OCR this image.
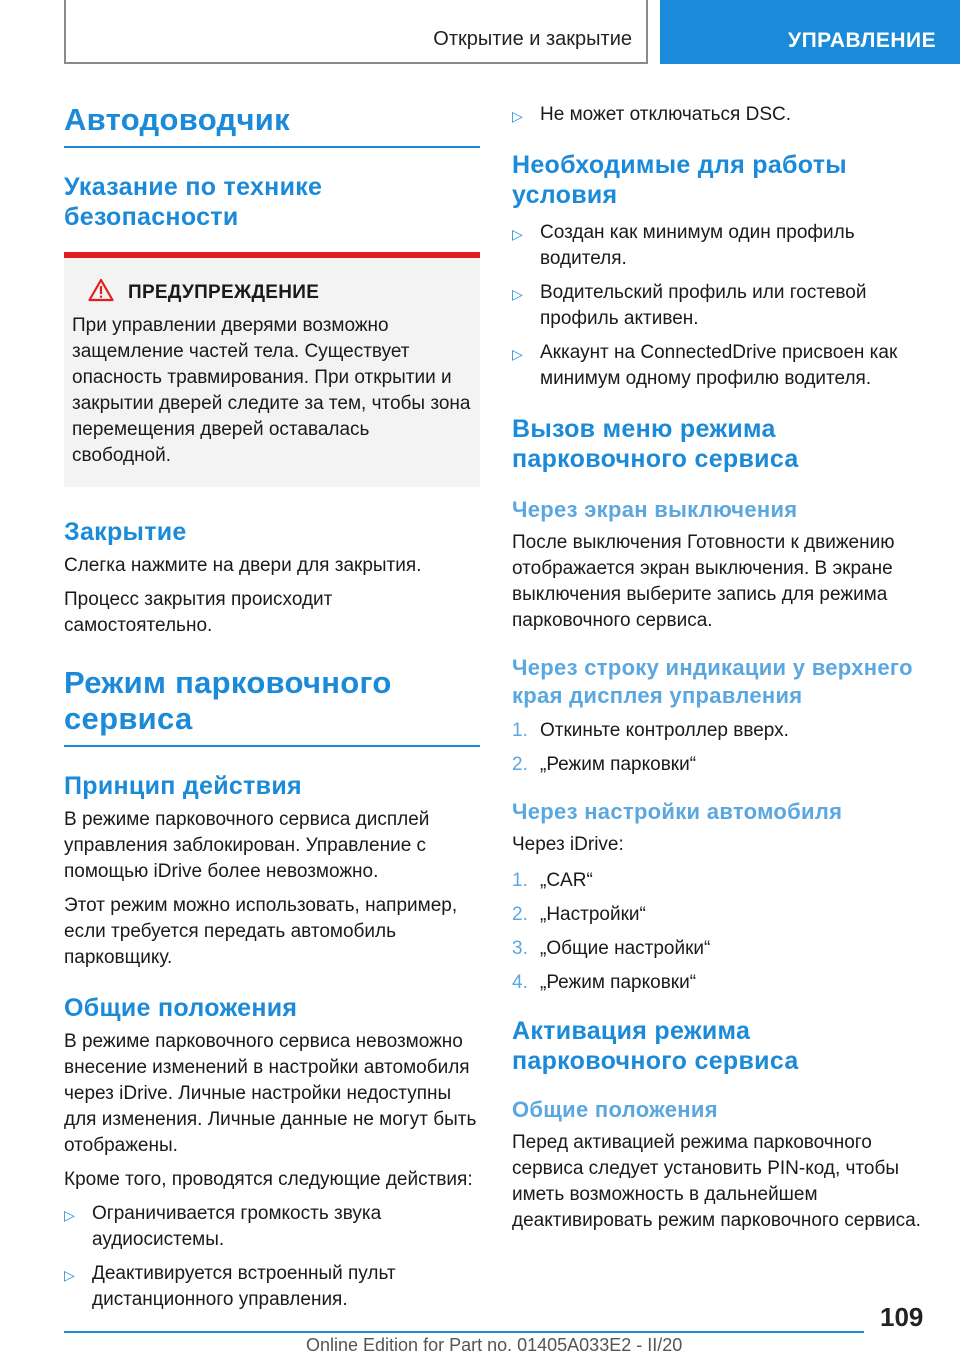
Открытие и закрытие	УПРАВЛЕНИЕ
Автодоводчик
Указание по технике безопасности
ПРЕДУПРЕЖДЕНИЕ

При управлении дверями возможно защемление частей тела. Существует опасность травмирования. При открытии и закрытии дверей следите за тем, чтобы зона перемещения дверей оставалась свободной.

Закрытие

Слегка нажмите на двери для закрытия.

Процесс закрытия происходит самостоятельно.

Режим парковочного сервиса
Принцип действия

В режиме парковочного сервиса дисплей управления заблокирован. Управление с помощью iDrive более невозможно.

Этот режим можно использовать, например, если требуется передать автомобиль парковщику.

Общие положения

В режиме парковочного сервиса невозможно внесение изменений в настройки автомобиля через iDrive. Личные настройки недоступны для изменения. Личные данные не могут быть отображены.

Кроме того, проводятся следующие действия:

▷ Ограничивается громкость звука аудиосистемы.
▷ Деактивируется встроенный пульт дистанционного управления.
▷ Не может отключаться DSC.
Необходимые для работы условия
▷ Создан как минимум один профиль водителя.
▷ Водительский профиль или гостевой профиль активен.
▷ Аккаунт на ConnectedDrive присвоен как минимум одному профилю водителя.
Вызов меню режима парковочного сервиса
Через экран выключения

После выключения Готовности к движению отображается экран выключения. В экране выключения выберите запись для режима парковочного сервиса.

Через строку индикации у верхнего края дисплея управления
1. Откиньте контроллер вверх.
2. „Режим парковки“
Через настройки автомобиля

Через iDrive:

1. „CAR“
2. „Настройки“
3. „Общие настройки“
4. „Режим парковки“
Активация режима парковочного сервиса
Общие положения

Перед активацией режима парковочного сервиса следует установить PIN-код, чтобы иметь возможность в дальнейшем деактивировать режим парковочного сервиса.

109
Online Edition for Part no. 01405A033E2 - II/20
